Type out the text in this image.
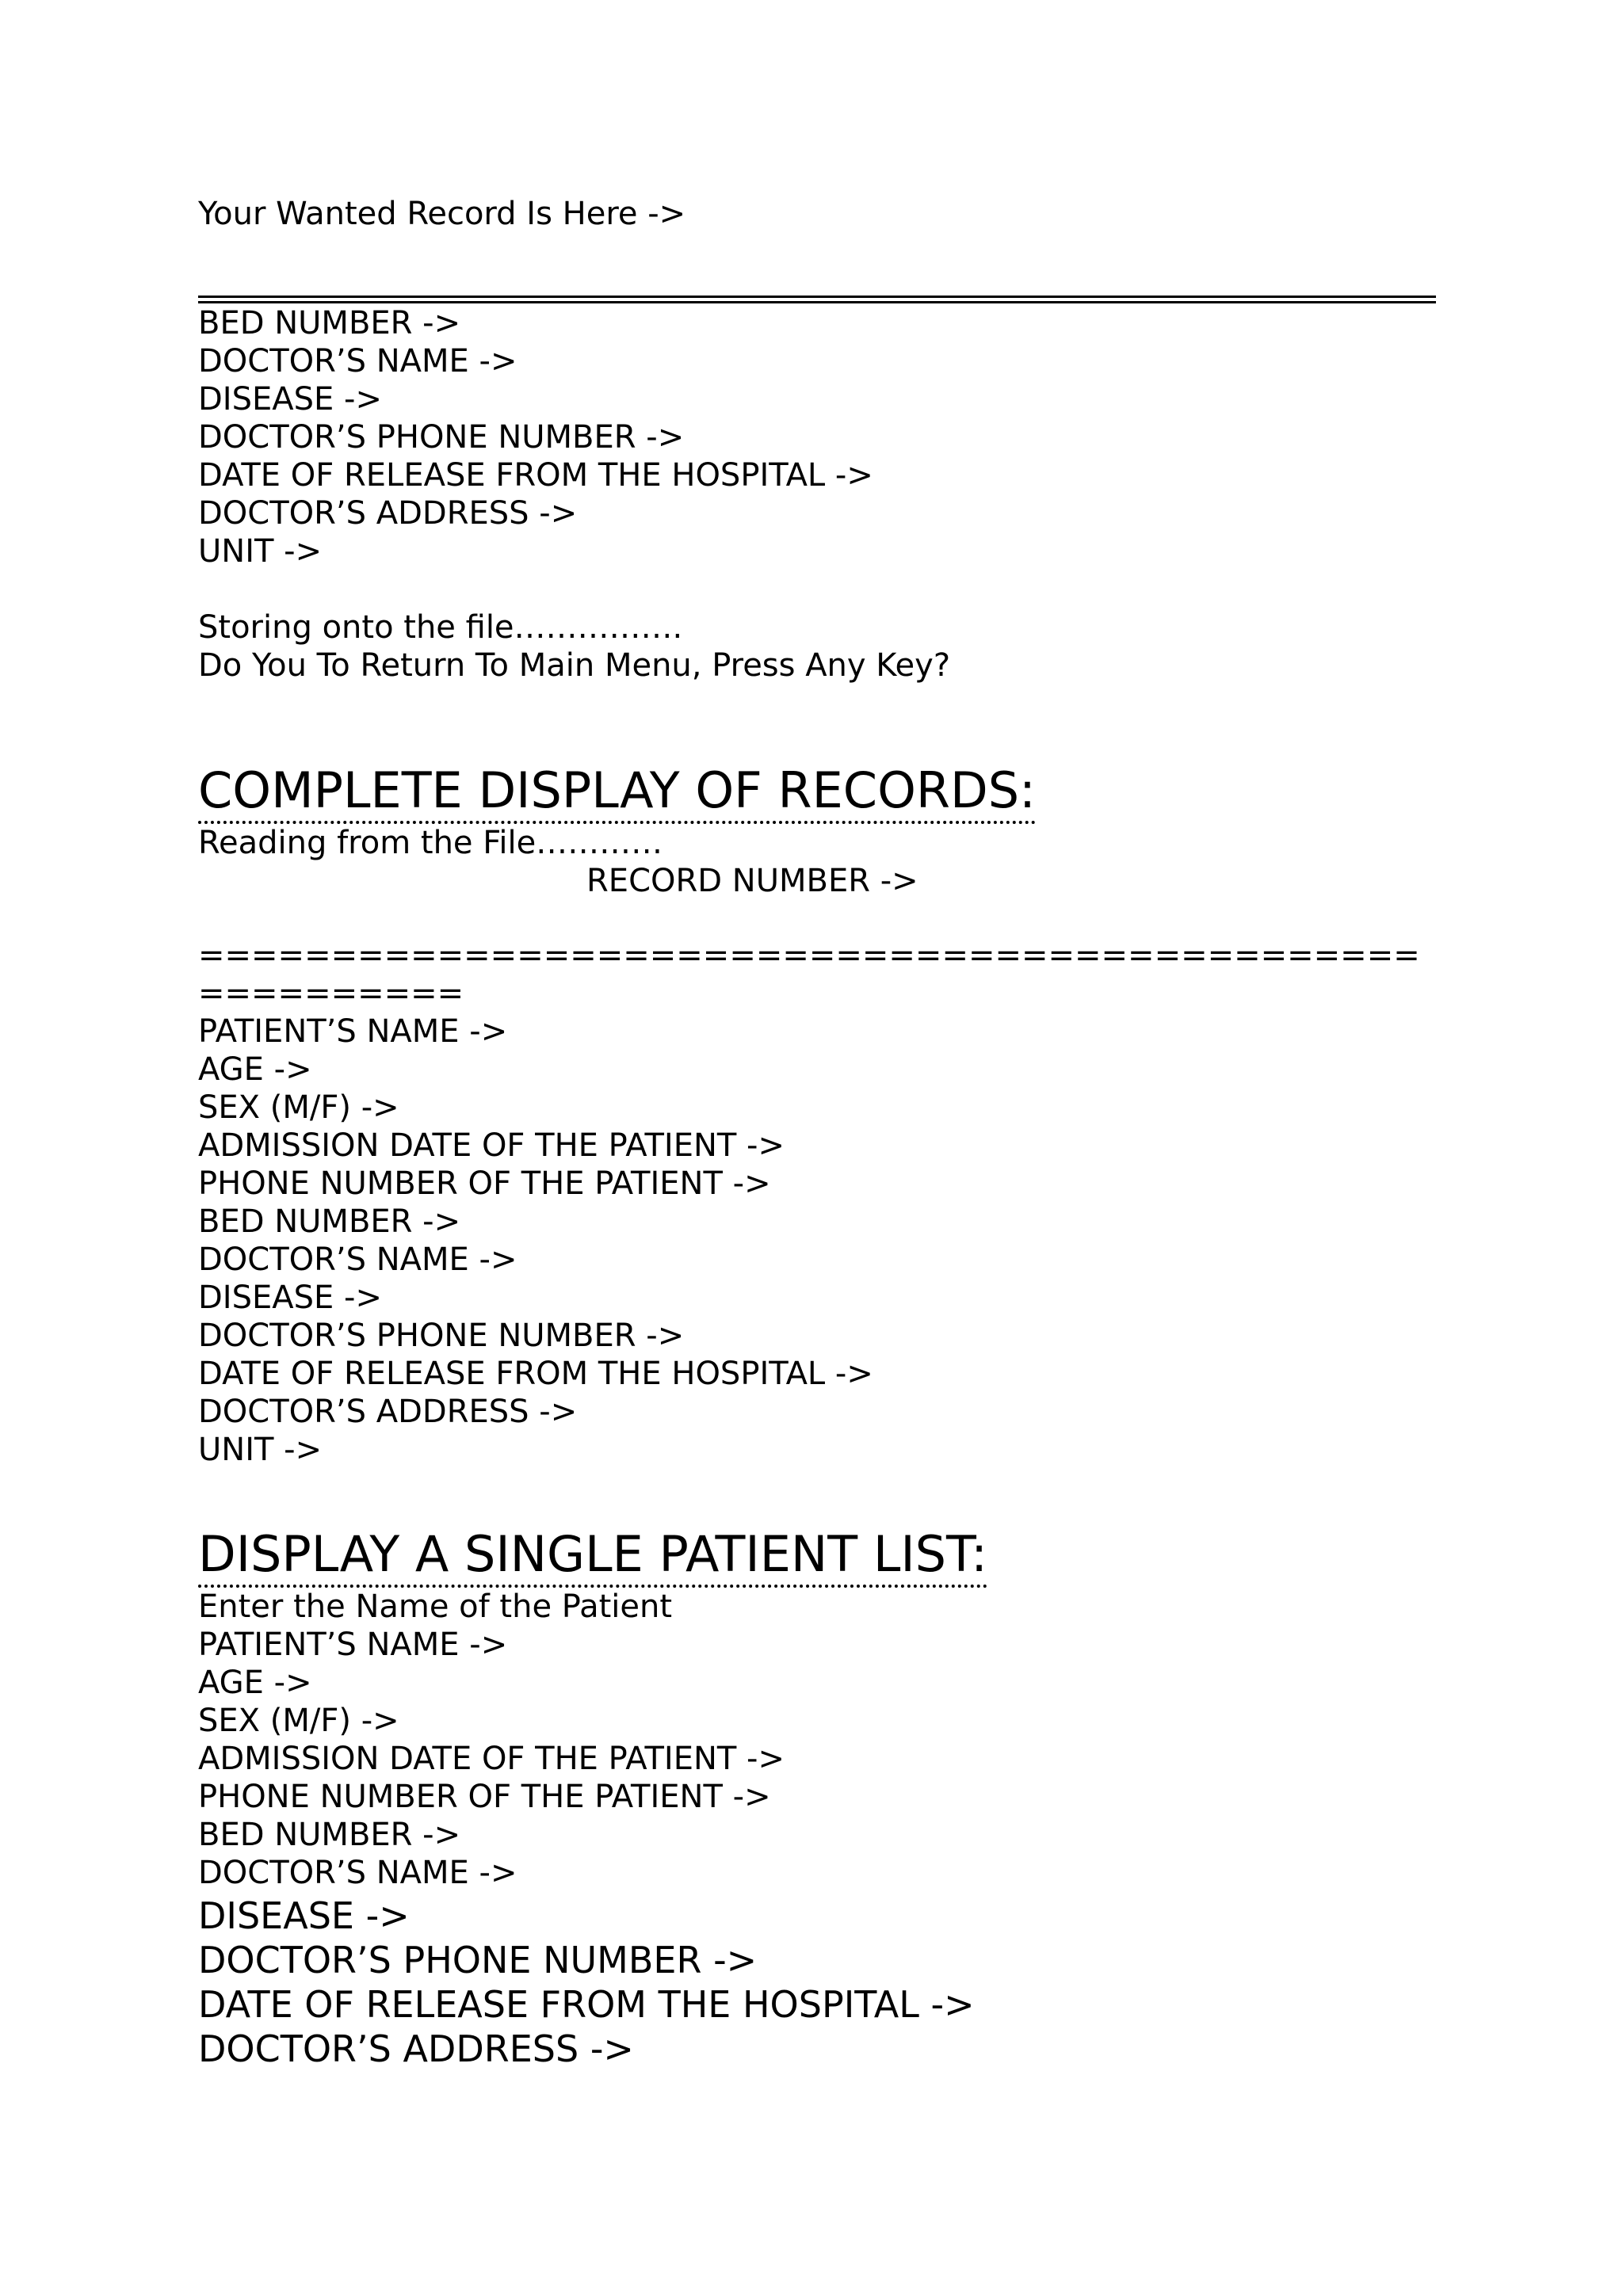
Your Wanted Record Is Here ->
BED NUMBER ->
DOCTOR’S NAME ->
DISEASE ->
DOCTOR’S PHONE NUMBER ->
DATE OF RELEASE FROM THE HOSPITAL ->
DOCTOR’S ADDRESS ->
UNIT ->
Storing onto the file…………….
Do You To Return To Main Menu, Press Any Key?
COMPLETE DISPLAY OF RECORDS:
Reading from the File…………
RECORD NUMBER ->
==============================================
==========
PATIENT’S NAME ->
AGE ->
SEX (M/F) ->
ADMISSION DATE OF THE PATIENT ->
PHONE NUMBER OF THE PATIENT ->
BED NUMBER ->
DOCTOR’S NAME ->
DISEASE ->
DOCTOR’S PHONE NUMBER ->
DATE OF RELEASE FROM THE HOSPITAL ->
DOCTOR’S ADDRESS ->
UNIT ->
DISPLAY A SINGLE PATIENT LIST:
Enter the Name of the Patient
PATIENT’S NAME ->
AGE ->
SEX (M/F) ->
ADMISSION DATE OF THE PATIENT ->
PHONE NUMBER OF THE PATIENT ->
BED NUMBER ->
DOCTOR’S NAME ->
DISEASE ->
DOCTOR’S PHONE NUMBER ->
DATE OF RELEASE FROM THE HOSPITAL ->
DOCTOR’S ADDRESS ->
